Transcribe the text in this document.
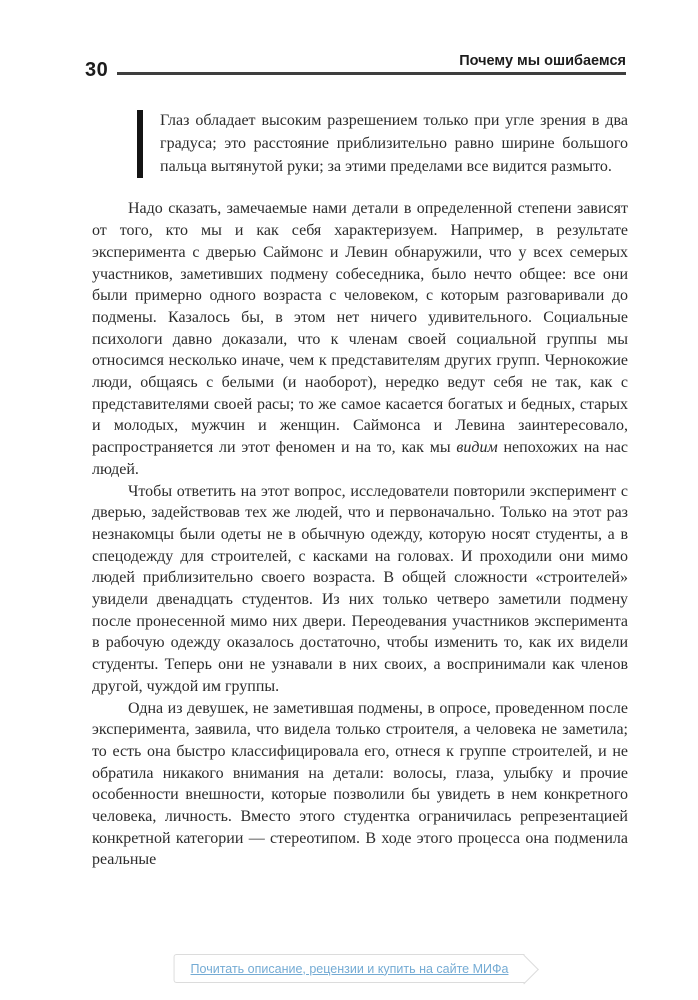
30	Почему мы ошибаемся
Глаз обладает высоким разрешением только при угле зрения в два градуса; это расстояние приблизительно равно ширине большого пальца вытянутой руки; за этими пределами все видится размыто.

Надо сказать, замечаемые нами детали в определенной степени зависят от того, кто мы и как себя характеризуем. Например, в результате эксперимента с дверью Саймонс и Левин обнаружили, что у всех семерых участников, заметивших подмену собеседника, было нечто общее: все они были примерно одного возраста с человеком, с которым разговаривали до подмены. Казалось бы, в этом нет ничего удивительного. Социальные психологи давно доказали, что к членам своей социальной группы мы относимся несколько иначе, чем к представителям других групп. Чернокожие люди, общаясь с белыми (и наоборот), нередко ведут себя не так, как с представителями своей расы; то же самое касается богатых и бедных, старых и молодых, мужчин и женщин. Саймонса и Левина заинтересовало, распространяется ли этот феномен и на то, как мы видим непохожих на нас людей.

Чтобы ответить на этот вопрос, исследователи повторили эксперимент с дверью, задействовав тех же людей, что и первоначально. Только на этот раз незнакомцы были одеты не в обычную одежду, которую носят студенты, а в спецодежду для строителей, с касками на головах. И проходили они мимо людей приблизительно своего возраста. В общей сложности «строителей» увидели двенадцать студентов. Из них только четверо заметили подмену после пронесенной мимо них двери. Переодевания участников эксперимента в рабочую одежду оказалось достаточно, чтобы изменить то, как их видели студенты. Теперь они не узнавали в них своих, а воспринимали как членов другой, чуждой им группы.

Одна из девушек, не заметившая подмены, в опросе, проведенном после эксперимента, заявила, что видела только строителя, а человека не заметила; то есть она быстро классифицировала его, отнеся к группе строителей, и не обратила никакого внимания на детали: волосы, глаза, улыбку и прочие особенности внешности, которые позволили бы увидеть в нем конкретного человека, личность. Вместо этого студентка ограничилась репрезентацией конкретной категории — стереотипом. В ходе этого процесса она подменила реальные

Почитать описание, рецензии и купить на сайте МИФа
